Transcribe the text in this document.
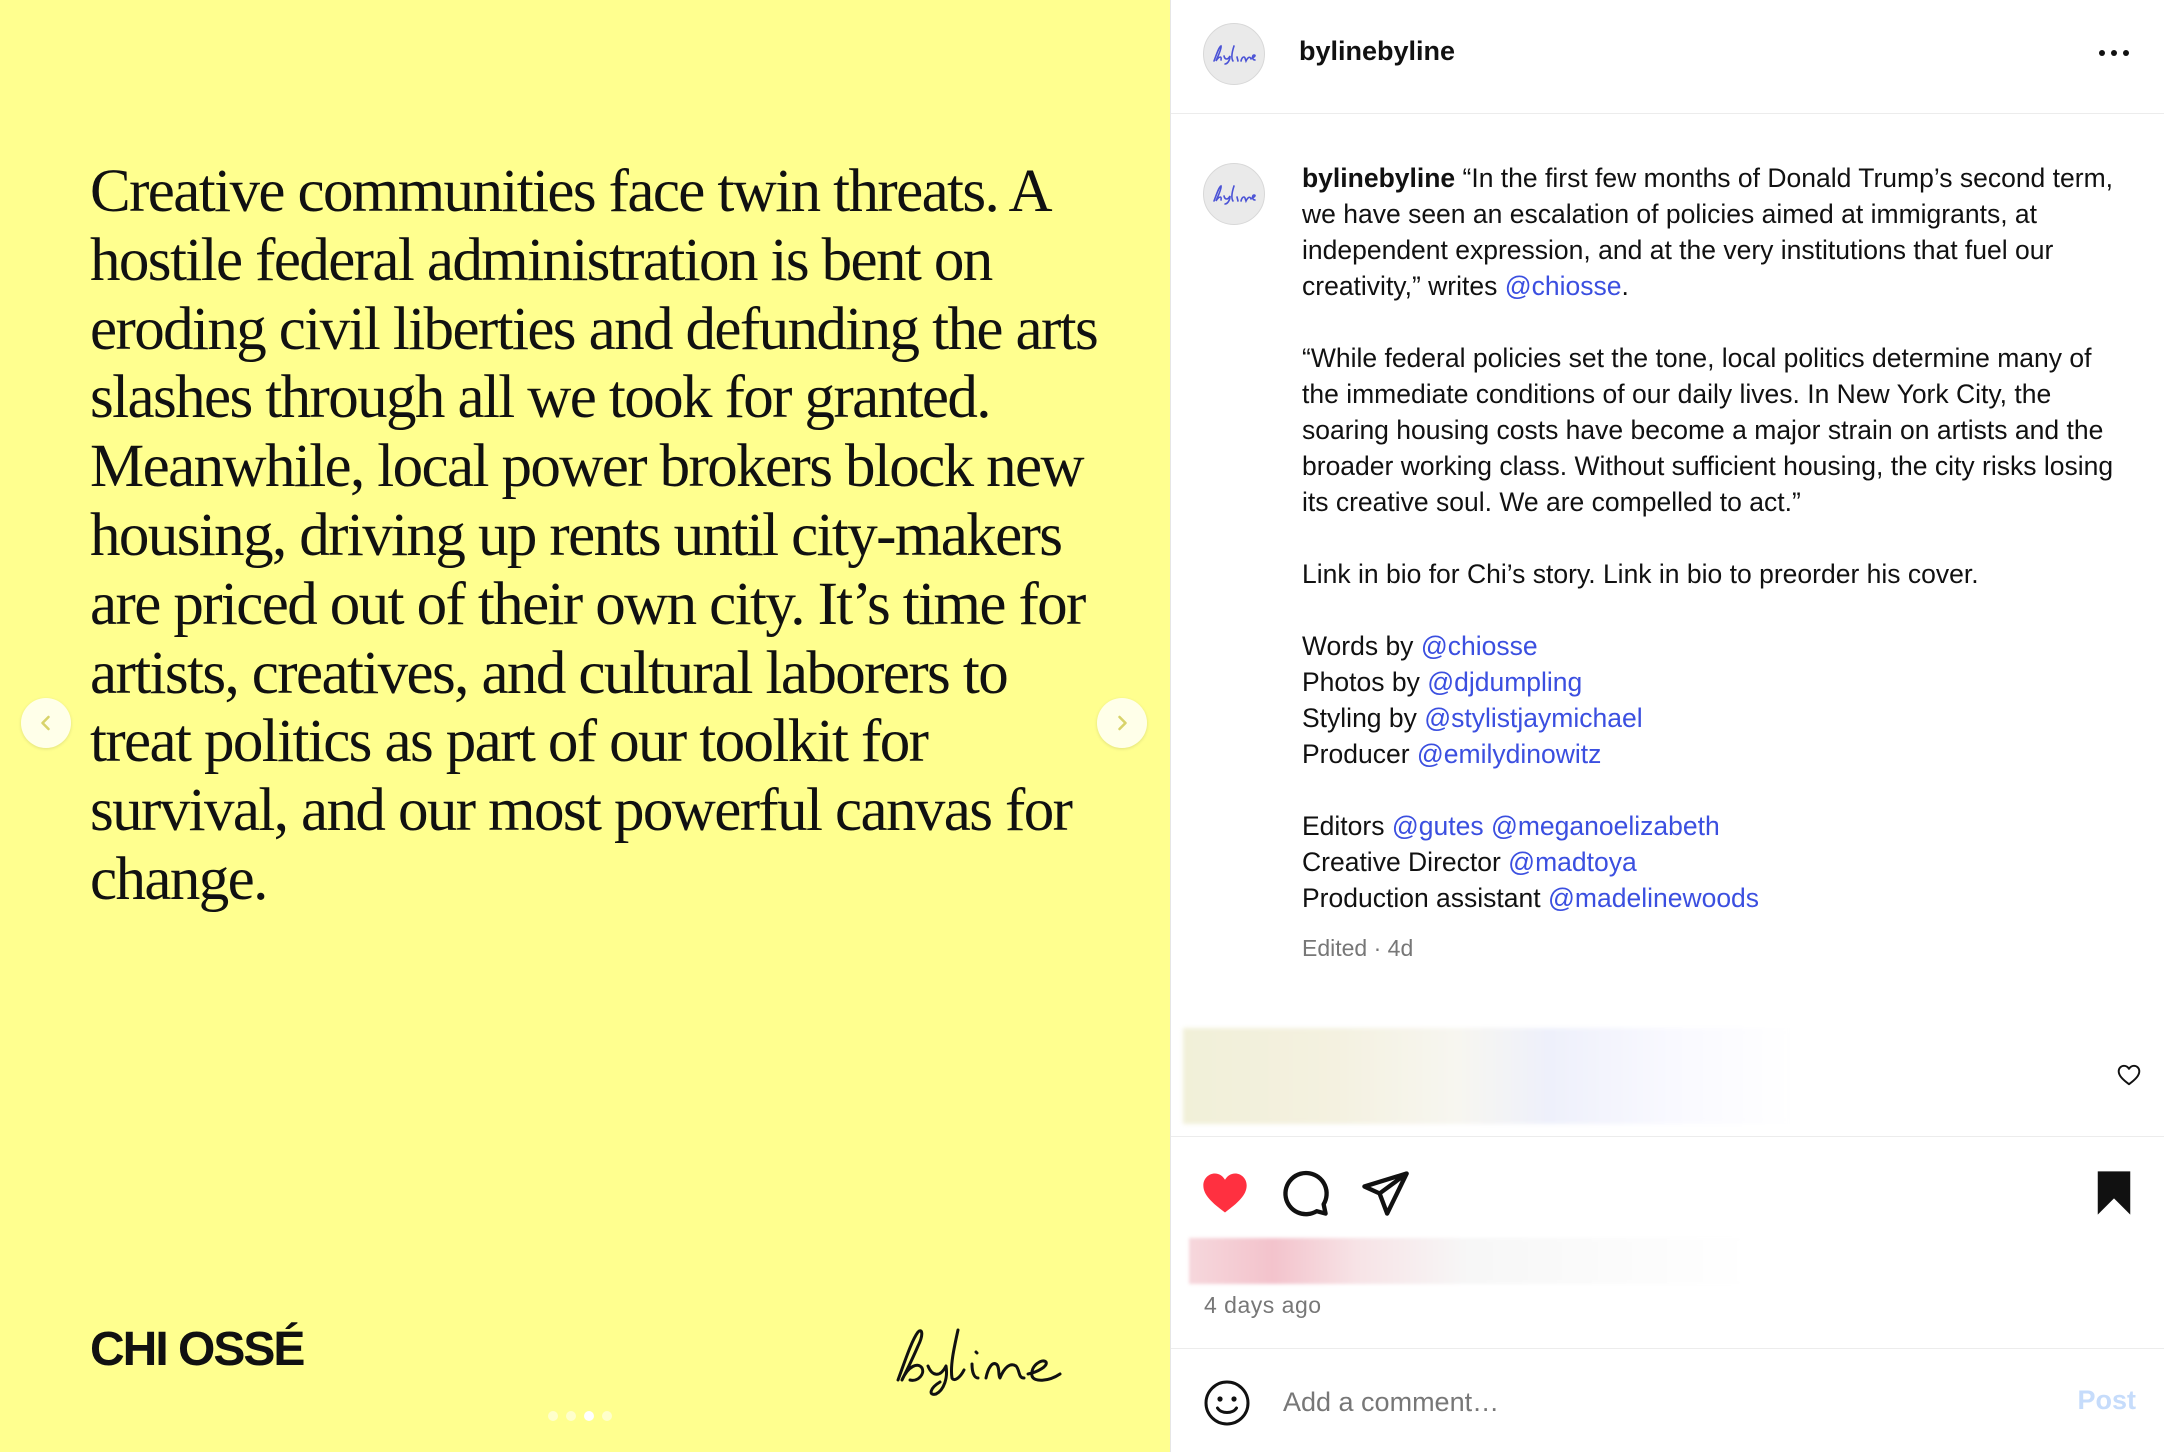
Creative communities face twin threats. A hostile federal administration is bent on eroding civil liberties and defunding the arts slashes through all we took for granted. Meanwhile, local power brokers block new housing, driving up rents until city-makers are priced out of their own city. It’s time for artists, creatives, and cultural laborers to treat politics as part of our toolkit for survival, and our most powerful canvas for change.

CHI OSSÉ
bylinebyline

bylinebyline “In the first few months of Donald Trump’s second term, we have seen an escalation of policies aimed at immigrants, at independent expression, and at the very institutions that fuel our creativity,” writes @chiosse.

“While federal policies set the tone, local politics determine many of the immediate conditions of our daily lives. In New York City, the soaring housing costs have become a major strain on artists and the broader working class. Without sufficient housing, the city risks losing its creative soul. We are compelled to act.”

Link in bio for Chi’s story. Link in bio to preorder his cover.

Words by @chiosse
Photos by @djdumpling
Styling by @stylistjaymichael
Producer @emilydinowitz

Editors @gutes @meganoelizabeth
Creative Director @madtoya
Production assistant @madelinewoods

Edited · 4d
4 days ago
Add a comment…
Post
